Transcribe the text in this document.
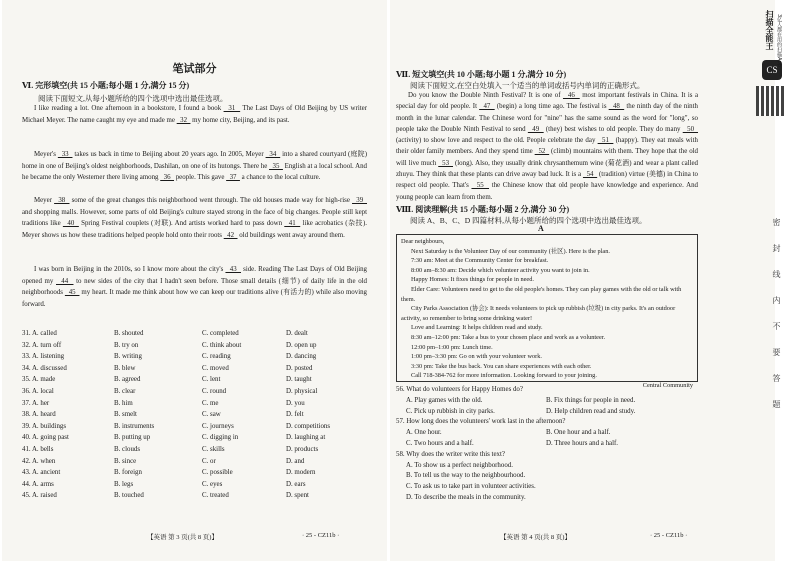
笔试部分
Ⅵ. 完形填空(共 15 小题;每小题 1 分,满分 15 分)
阅读下面短文,从每小题所给的四个选项中选出最佳选项。
I like reading a lot. One afternoon in a bookstore, I found a book   31   The Last Days of Old Beijing by US writer Michael Meyer. The name caught my eye and made me   32   my home city, Beijing, and its past.
Meyer's   33   takes us back in time to Beijing about 20 years ago. In 2005, Meyer   34   into a shared courtyard (庭院) home in one of Beijing's oldest neighborhoods, Dashilan, on one of its hutongs. There he   35   English at a local school. And he became the only Westerner there living among   36   people. This gave   37   a chance to the local culture.
Meyer   38   some of the great changes this neighborhood went through. The old houses made way for high-rise   39   and shopping malls. However, some parts of old Beijing's culture stayed strong in the face of big changes. People still kept traditions like   40   Spring Festival couplets (对联). And artists worked hard to pass down   41   like acrobatics (杂技). Meyer shows us how these traditions helped people hold onto their roots   42   old buildings went away around them.
I was born in Beijing in the 2010s, so I know more about the city's   43   side. Reading The Last Days of Old Beijing opened my   44   to new sides of the city that I hadn't seen before. Those small details (细节) of daily life in the old neighborhoods   45   my heart. It made me think about how we can keep our traditions alive (有活力的) while also moving forward.
31. A. called	B. shouted	C. completed	D. dealt
32. A. turn off	B. try on	C. think about	D. open up
33. A. listening	B. writing	C. reading	D. dancing
34. A. discussed	B. blew	C. moved	D. posted
35. A. made	B. agreed	C. lent	D. taught
36. A. local	B. clear	C. round	D. physical
37. A. her	B. him	C. me	D. you
38. A. heard	B. smelt	C. saw	D. felt
39. A. buildings	B. instruments	C. journeys	D. competitions
40. A. going past	B. putting up	C. digging in	D. laughing at
41. A. bells	B. clouds	C. skills	D. products
42. A. when	B. since	C. or	D. and
43. A. ancient	B. foreign	C. possible	D. modern
44. A. arms	B. legs	C. eyes	D. ears
45. A. raised	B. touched	C. treated	D. spent
【英语 第 3 页(共 8 页)】	· 25 - CZ11b ·
Ⅶ. 短文填空(共 10 小题;每小题 1 分,满分 10 分)
阅读下面短文,在空白处填入一个适当的单词或括号内单词的正确形式。
Do you know the Double Ninth Festival? It is one of   46   most important festivals in China. It is a special day for old people. It   47   (begin) a long time ago. The festival is   48   the ninth day of the ninth month in the lunar calendar. The Chinese word for "nine" has the same sound as the word for "long", so people take the Double Ninth Festival to send   49   (they) best wishes to old people. They do many   50   (activity) to show love and respect to the old. People celebrate the day   51   (happy). They eat meals with their older family members. And they spend time   52   (climb) mountains with them. They hope that the old will live much   53   (long). Also, they usually drink chrysanthemum wine (菊花酒) and wear a plant called zhuyu. They think that these plants can drive away bad luck. It is a   54   (tradition) virtue (美德) in China to respect old people. That's   55   the Chinese know that old people have knowledge and experience. And young people can learn from them.
Ⅷ. 阅读理解(共 15 小题;每小题 2 分,满分 30 分)
阅读 A、B、C、D 四篇材料,从每小题所给的四个选项中选出最佳选项。
A
Dear neighbours,
Next Saturday is the Volunteer Day of our community (社区). Here is the plan.
7:30 am: Meet at the Community Center for breakfast.
8:00 am–8:30 am: Decide which volunteer activity you want to join in.
Happy Homes: It fixes things for people in need.
Elder Care: Volunteers need to get to the old people's homes. They can play games with the old or talk with them.
City Parks Association (协会): It needs volunteers to pick up rubbish (垃圾) in city parks. It's an outdoor activity, so remember to bring some drinking water!
Love and Learning: It helps children read and study.
8:30 am–12:00 pm: Take a bus to your chosen place and work as a volunteer.
12:00 pm–1:00 pm: Lunch time.
1:00 pm–3:30 pm: Go on with your volunteer work.
3:30 pm: Take the bus back. You can share experiences with each other.
Call 718-384-762 for more information. Looking forward to your joining.
Central Community
56. What do volunteers for Happy Homes do?
A. Play games with the old.	B. Fix things for people in need.
C. Pick up rubbish in city parks.	D. Help children read and study.
57. How long does the volunteers' work last in the afternoon?
A. One hour.	B. One hour and a half.
C. Two hours and a half.	D. Three hours and a half.
58. Why does the writer write this text?
A. To show us a perfect neighborhood.
B. To tell us the way to the neighbourhood.
C. To ask us to take part in volunteer activities.
D. To describe the meals in the community.
【英语 第 4 页(共 8 页)】	· 25 - CZ11b ·
密 封 线 内 不 要 答 题
CS
扫描全能王 3亿人都在用的扫描App
